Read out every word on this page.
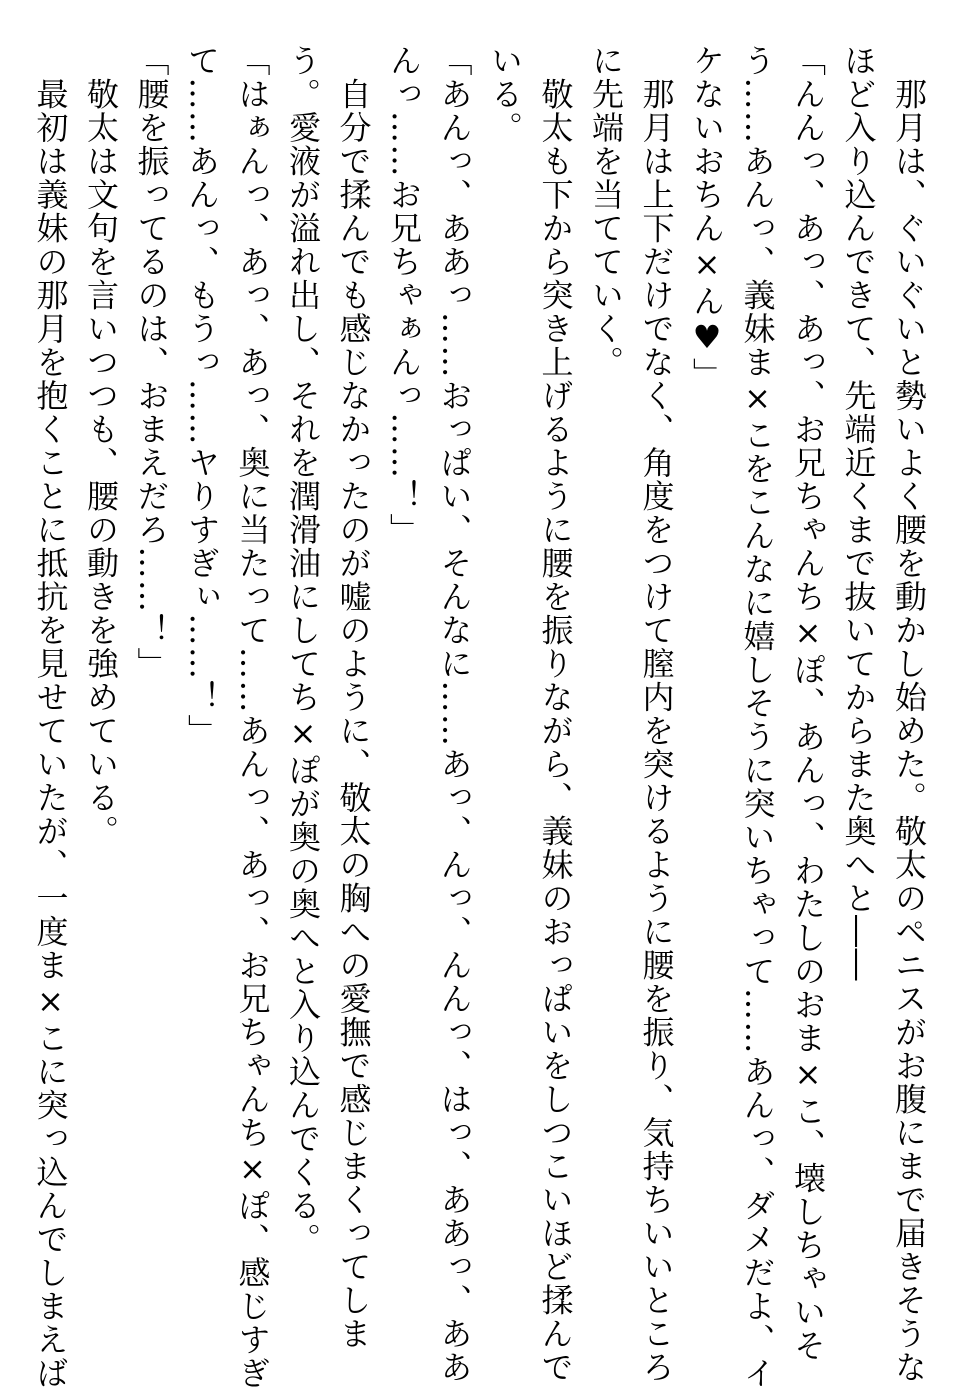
　那月は、ぐいぐいと勢いよく腰を動かし始めた。敬太のペニスがお腹にまで届きそうな
ほど入り込んできて、先端近くまで抜いてからまた奥へと――
「んんっ、あっ、あっ、お兄ちゃんち×ぽ、あんっ、わたしのおま×こ、壊しちゃいそ
う……あんっ、義妹ま×こをこんなに嬉しそうに突いちゃって……あんっ、ダメだよ、イ
ケないおちん×ん♥」
　那月は上下だけでなく、角度をつけて膣内を突けるように腰を振り、気持ちいいところ
に先端を当てていく。
　敬太も下から突き上げるように腰を振りながら、義妹のおっぱいをしつこいほど揉んで
いる。
「あんっ、ああっ……おっぱい、そんなに……あっ、んっ、んんっ、はっ、ああっ、ああ
んっ……お兄ちゃぁんっ……！」
　自分で揉んでも感じなかったのが嘘のように、敬太の胸への愛撫で感じまくってしま
う。愛液が溢れ出し、それを潤滑油にしてち×ぽが奥の奥へと入り込んでくる。
「はぁんっ、あっ、あっ、奥に当たって……あんっ、あっ、お兄ちゃんち×ぽ、感じすぎ
て……あんっ、もうっ……ヤりすぎぃ……！」
「腰を振ってるのは、おまえだろ……！」
　敬太は文句を言いつつも、腰の動きを強めている。
　最初は義妹の那月を抱くことに抵抗を見せていたが、一度ま×こに突っ込んでしまえば
